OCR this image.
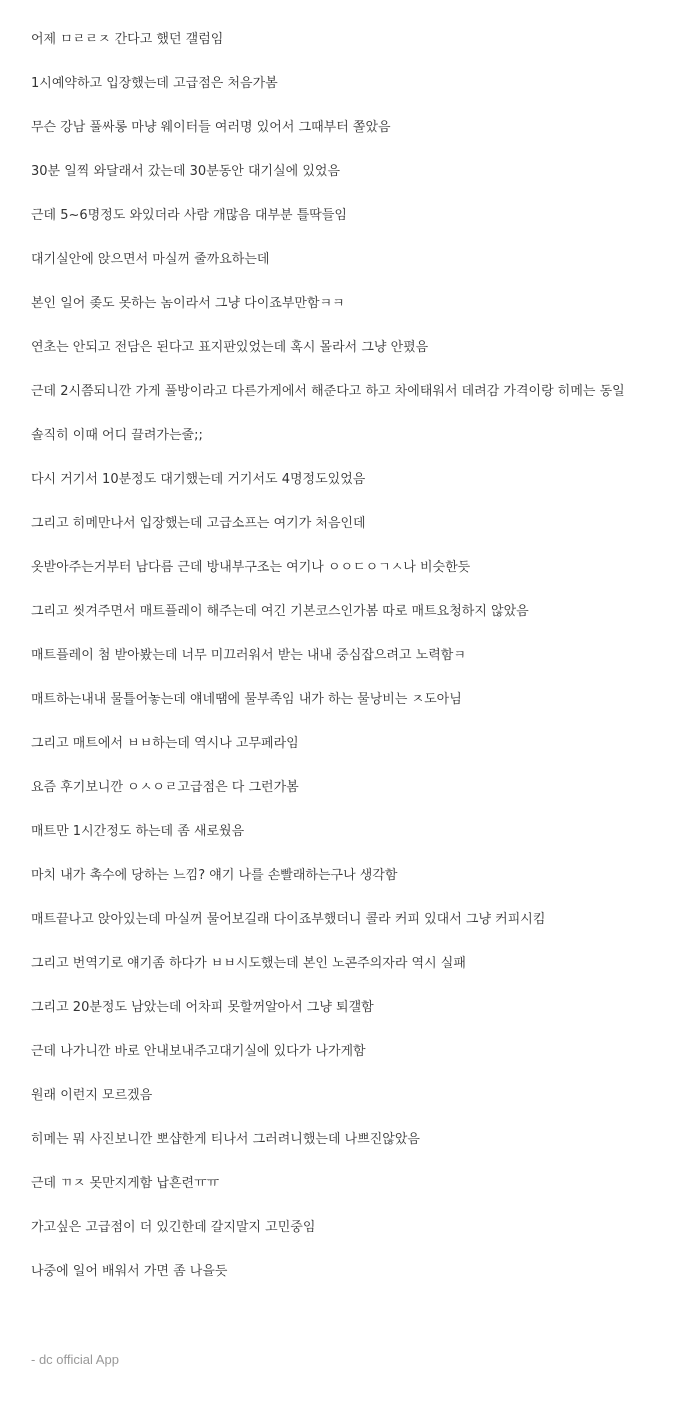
어제 ㅁㄹㄹㅈ 간다고 했던 갤럼임
1시예약하고 입장했는데 고급점은 처음가봄
무슨 강남 풀싸롱 마냥 웨이터들 여러명 있어서 그때부터 쫄았음
30분 일찍 와달래서 갔는데 30분동안 대기실에 있었음
근데 5~6명정도 와있더라 사람 개많음 대부분 틀딱들임
대기실안에 앉으면서 마실꺼 줄까요하는데
본인 일어 좆도 못하는 놈이라서 그냥 다이죠부만함ㅋㅋ
연초는 안되고 전담은 된다고 표지판있었는데 혹시 몰라서 그냥 안폈음
근데 2시쯤되니깐 가게 풀방이라고 다른가게에서 해준다고 하고 차에태워서 데려감 가격이랑 히메는 동일
솔직히 이때 어디 끌려가는줄;;
다시 거기서 10분정도 대기했는데 거기서도 4명정도있었음
그리고 히메만나서 입장했는데 고급소프는 여기가 처음인데
옷받아주는거부터 남다름 근데 방내부구조는 여기나 ㅇㅇㄷㅇㄱㅅ나 비슷한듯
그리고 씻겨주면서 매트플레이 해주는데 여긴 기본코스인가봄 따로 매트요청하지 않았음
매트플레이 첨 받아봤는데 너무 미끄러워서 받는 내내 중심잡으려고 노력함ㅋ
매트하는내내 물틀어놓는데 얘네땜에 물부족임 내가 하는 물낭비는 ㅈ도아님
그리고 매트에서 ㅂㅂ하는데 역시나 고무페라임
요즘 후기보니깐 ㅇㅅㅇㄹ고급점은 다 그런가봄
매트만 1시간정도 하는데 좀 새로웠음
마치 내가 촉수에 당하는 느낌? 얘기 나를 손빨래하는구나 생각함
매트끝나고 앉아있는데 마실꺼 물어보길래 다이죠부했더니 콜라 커피 있대서 그냥 커피시킴
그리고 번역기로 얘기좀 하다가 ㅂㅂ시도했는데 본인 노콘주의자라 역시 실패
그리고 20분정도 남았는데 어차피 못할꺼알아서 그냥 퇴갤함
근데 나가니깐 바로 안내보내주고대기실에 있다가 나가게함
원래 이런지 모르겠음
히메는 뭐 사진보니깐 뽀샵한게 티나서 그러려니했는데 나쁘진않았음
근데 ㄲㅈ 못만지게함 납흔련ㅠㅠ
가고싶은 고급점이 더 있긴한데 갈지말지 고민중임
나중에 일어 배워서 가면 좀 나을듯
- dc official App
